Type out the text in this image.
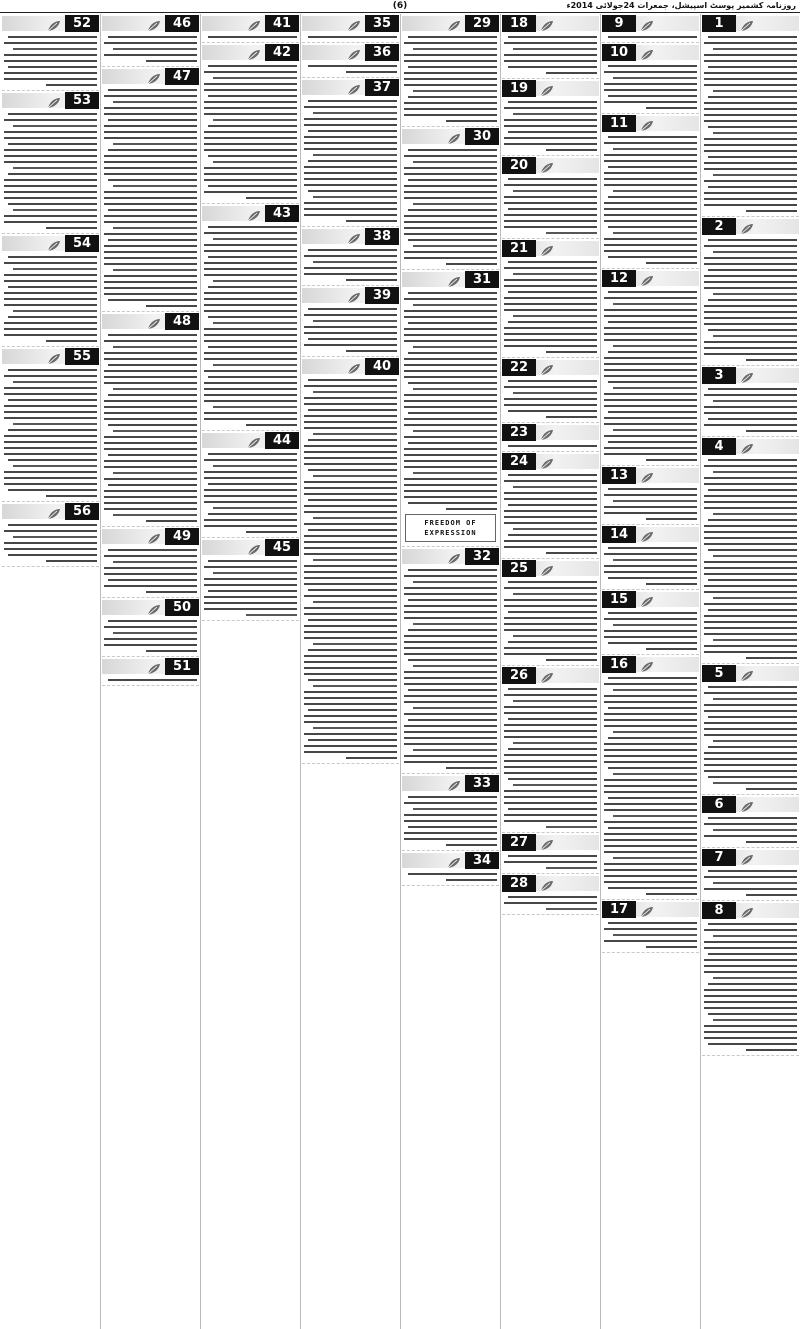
(6)	روزنامہ کشمیر پوسٹ اسپیشل، جمعرات 24جولائی 2014ء
1
2
3
4
5
6
7
8
9
10
11
12
13
14
15
16
17
18
19
20
21
22
23
24
25
26
27
28
29
30
31
FREEDOM OF EXPRESSION
32
33
34
35
36
37
38
39
40
41
42
43
44
45
46
47
48
49
50
51
52
53
54
55
56
